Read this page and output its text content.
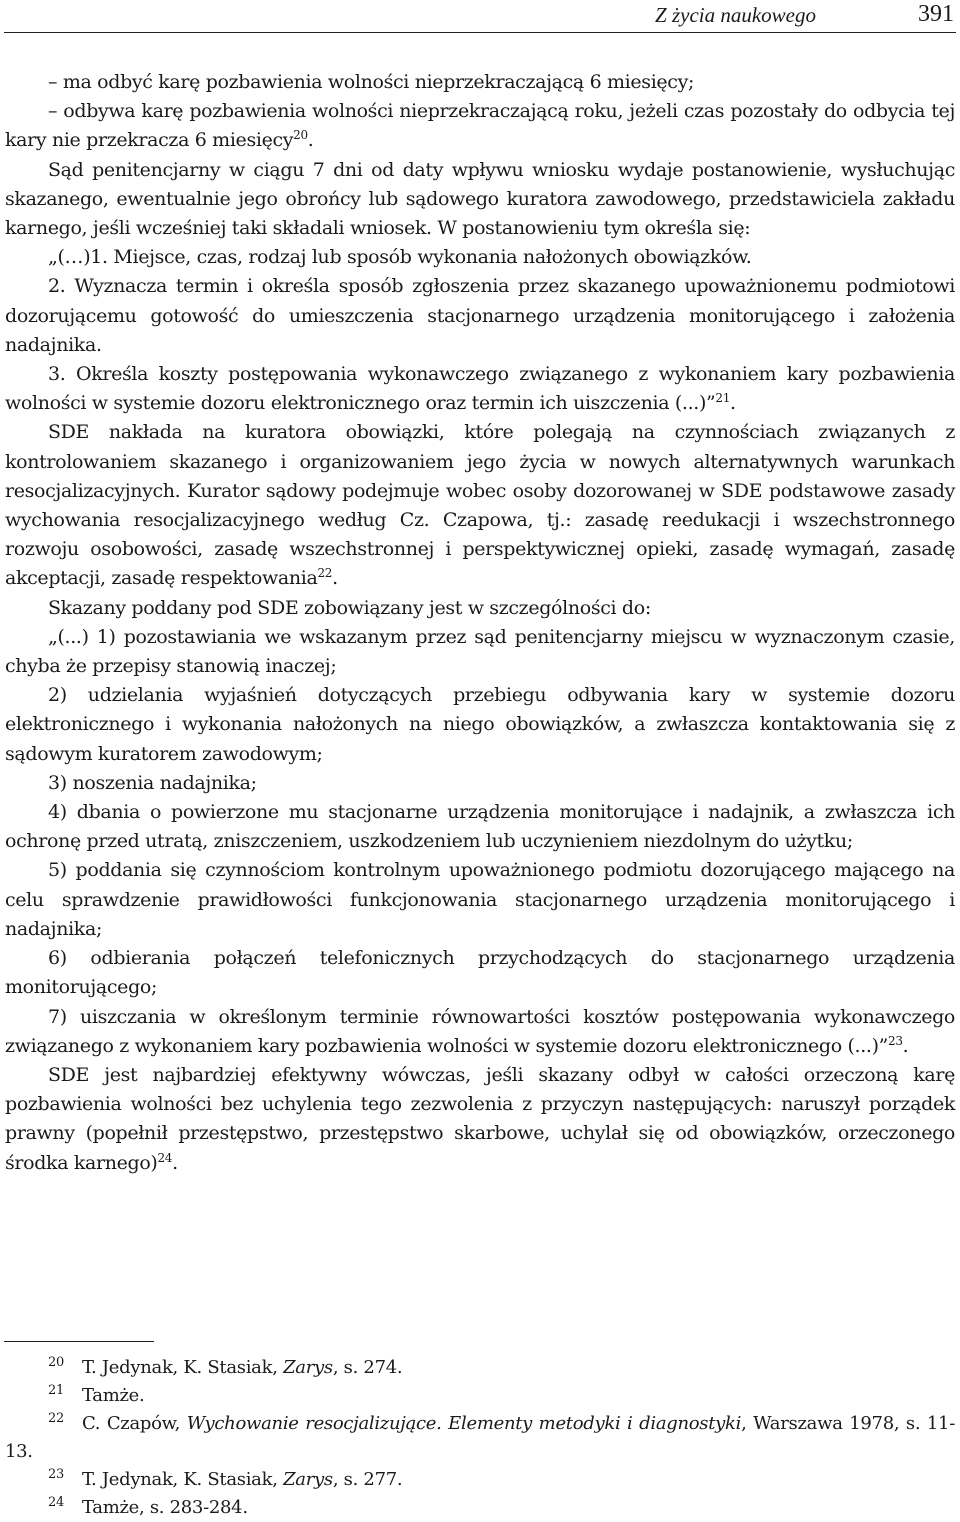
Z życia naukowego	391

– ma odbyć karę pozbawienia wolności nieprzekraczającą 6 miesięcy;

– odbywa karę pozbawienia wolności nieprzekraczającą roku, jeżeli czas pozostały do odbycia tej kary nie przekracza 6 miesięcy$^{20}$.

Sąd penitencjarny w ciągu 7 dni od daty wpływu wniosku wydaje postanowienie, wysłuchując skazanego, ewentualnie jego obrońcy lub sądowego kuratora zawodowego, przedstawiciela zakładu karnego, jeśli wcześniej taki składali wniosek. W postanowieniu tym określa się:

„(…)1. Miejsce, czas, rodzaj lub sposób wykonania nałożonych obowiązków.

2. Wyznacza termin i określa sposób zgłoszenia przez skazanego upoważnionemu podmiotowi dozorującemu gotowość do umieszczenia stacjonarnego urządzenia monitorującego i założenia nadajnika.

3. Określa koszty postępowania wykonawczego związanego z wykonaniem kary pozbawienia wolności w systemie dozoru elektronicznego oraz termin ich uiszczenia (...)”$^{21}$.

SDE nakłada na kuratora obowiązki, które polegają na czynnościach związanych z kontrolowaniem skazanego i organizowaniem jego życia w nowych alternatywnych warunkach resocjalizacyjnych. Kurator sądowy podejmuje wobec osoby dozorowanej w SDE podstawowe zasady wychowania resocjalizacyjnego według Cz. Czapowa, tj.: zasadę reedukacji i wszechstronnego rozwoju osobowości, zasadę wszechstronnej i perspektywicznej opieki, zasadę wymagań, zasadę akceptacji, zasadę respektowania$^{22}$.

Skazany poddany pod SDE zobowiązany jest w szczególności do:

„(...) 1) pozostawiania we wskazanym przez sąd penitencjarny miejscu w wyznaczonym czasie, chyba że przepisy stanowią inaczej;

2) udzielania wyjaśnień dotyczących przebiegu odbywania kary w systemie dozoru elektronicznego i wykonania nałożonych na niego obowiązków, a zwłaszcza kontaktowania się z sądowym kuratorem zawodowym;

3) noszenia nadajnika;

4) dbania o powierzone mu stacjonarne urządzenia monitorujące i nadajnik, a zwłaszcza ich ochronę przed utratą, zniszczeniem, uszkodzeniem lub uczynieniem niezdolnym do użytku;

5) poddania się czynnościom kontrolnym upoważnionego podmiotu dozorującego mającego na celu sprawdzenie prawidłowości funkcjonowania stacjonarnego urządzenia monitorującego i nadajnika;

6) odbierania połączeń telefonicznych przychodzących do stacjonarnego urządzenia monitorującego;

7) uiszczania w określonym terminie równowartości kosztów postępowania wykonawczego związanego z wykonaniem kary pozbawienia wolności w systemie dozoru elektronicznego (...)”$^{23}$.

SDE jest najbardziej efektywny wówczas, jeśli skazany odbył w całości orzeczoną karę pozbawienia wolności bez uchylenia tego zezwolenia z przyczyn następujących: naruszył porządek prawny (popełnił przestępstwo, przestępstwo skarbowe, uchylał się od obowiązków, orzeczonego środka karnego)$^{24}$.

$^{20}$ T. Jedynak, K. Stasiak, Zarys, s. 274.
$^{21}$ Tamże.
$^{22}$ C. Czapów, Wychowanie resocjalizujące. Elementy metodyki i diagnostyki, Warszawa 1978, s. 11-13.
$^{23}$ T. Jedynak, K. Stasiak, Zarys, s. 277.
$^{24}$ Tamże, s. 283-284.
